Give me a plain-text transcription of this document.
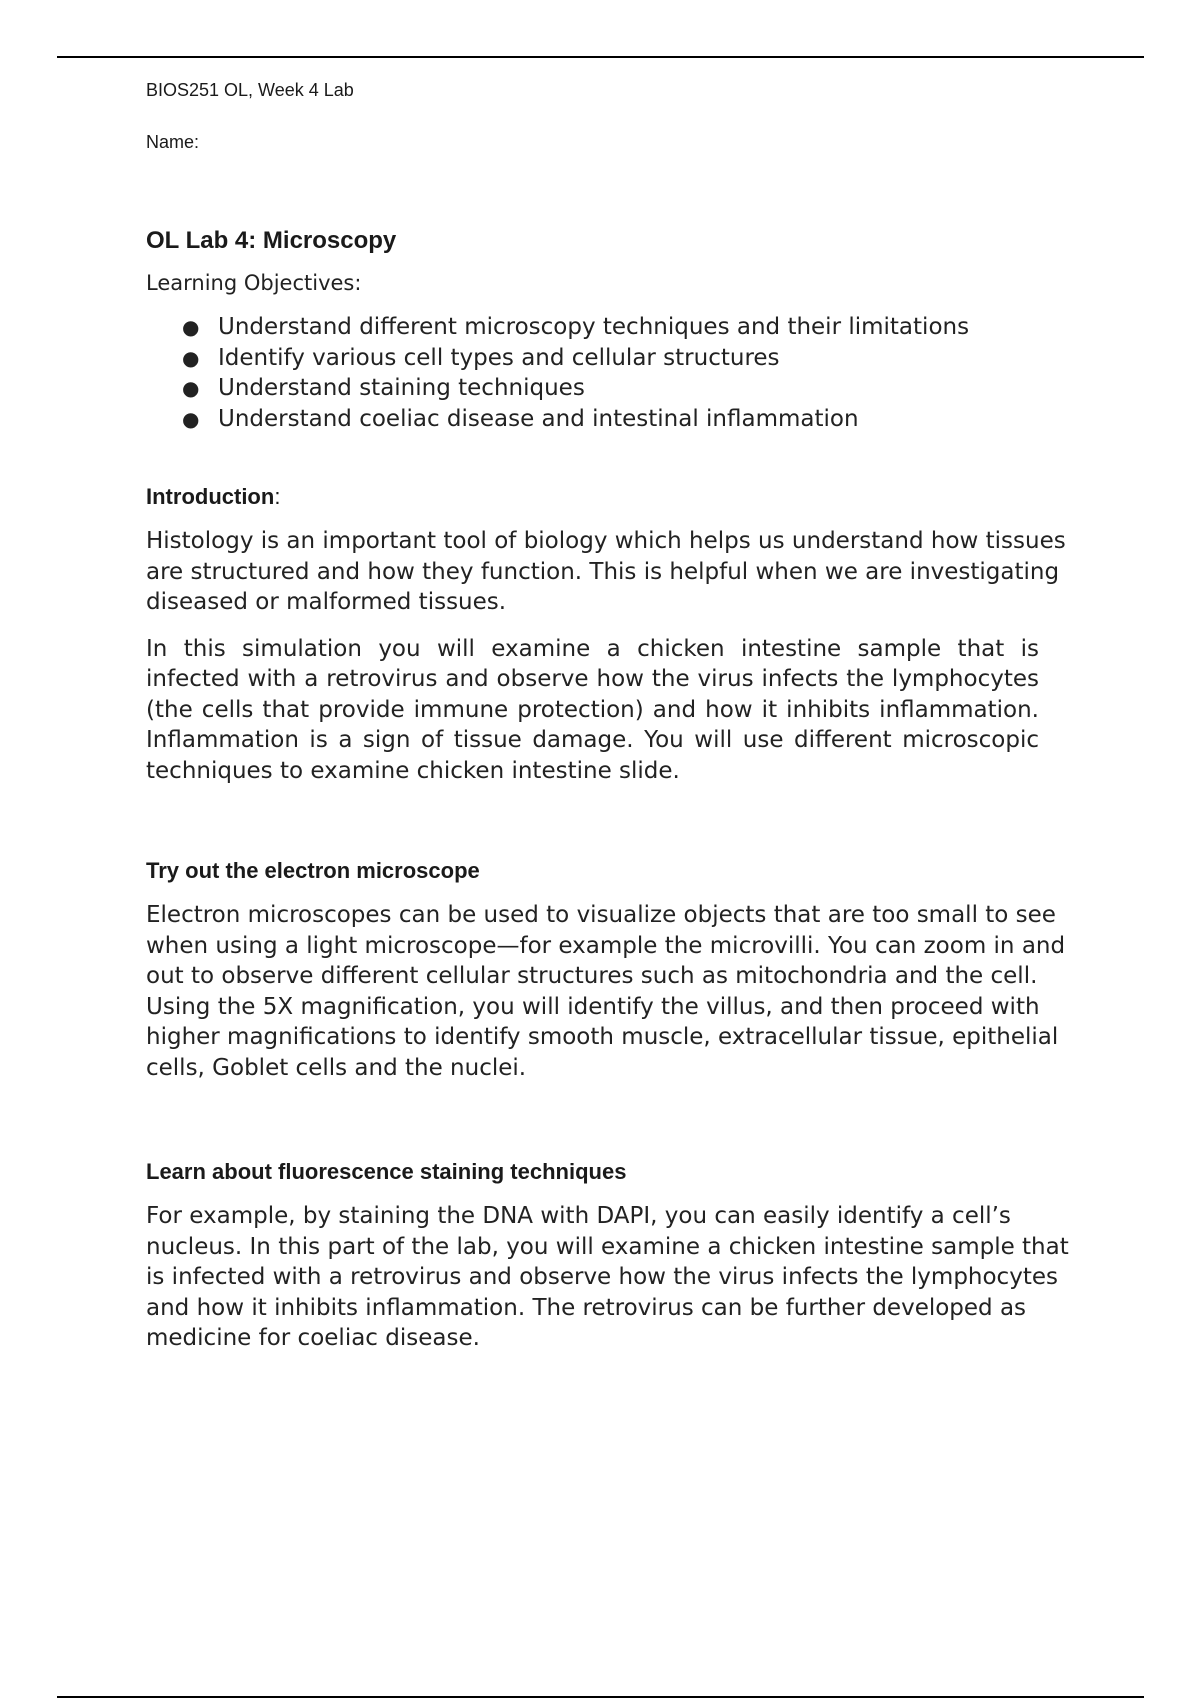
BIOS251 OL, Week 4 Lab

Name:

OL Lab 4: Microscopy

Learning Objectives:

● Understand different microscopy techniques and their limitations
● Identify various cell types and cellular structures
● Understand staining techniques
● Understand coeliac disease and intestinal inflammation
Introduction:

Histology is an important tool of biology which helps us understand how tissues are structured and how they function. This is helpful when we are investigating diseased or malformed tissues.

In this simulation you will examine a chicken intestine sample that is infected with a retrovirus and observe how the virus infects the lymphocytes (the cells that provide immune protection) and how it inhibits inflammation. Inflammation is a sign of tissue damage. You will use different microscopic techniques to examine chicken intestine slide.

Try out the electron microscope

Electron microscopes can be used to visualize objects that are too small to see when using a light microscope—for example the microvilli. You can zoom in and out to observe different cellular structures such as mitochondria and the cell. Using the 5X magnification, you will identify the villus, and then proceed with higher magnifications to identify smooth muscle, extracellular tissue, epithelial cells, Goblet cells and the nuclei.

Learn about fluorescence staining techniques

For example, by staining the DNA with DAPI, you can easily identify a cell’s nucleus. In this part of the lab, you will examine a chicken intestine sample that is infected with a retrovirus and observe how the virus infects the lymphocytes and how it inhibits inflammation. The retrovirus can be further developed as medicine for coeliac disease.
